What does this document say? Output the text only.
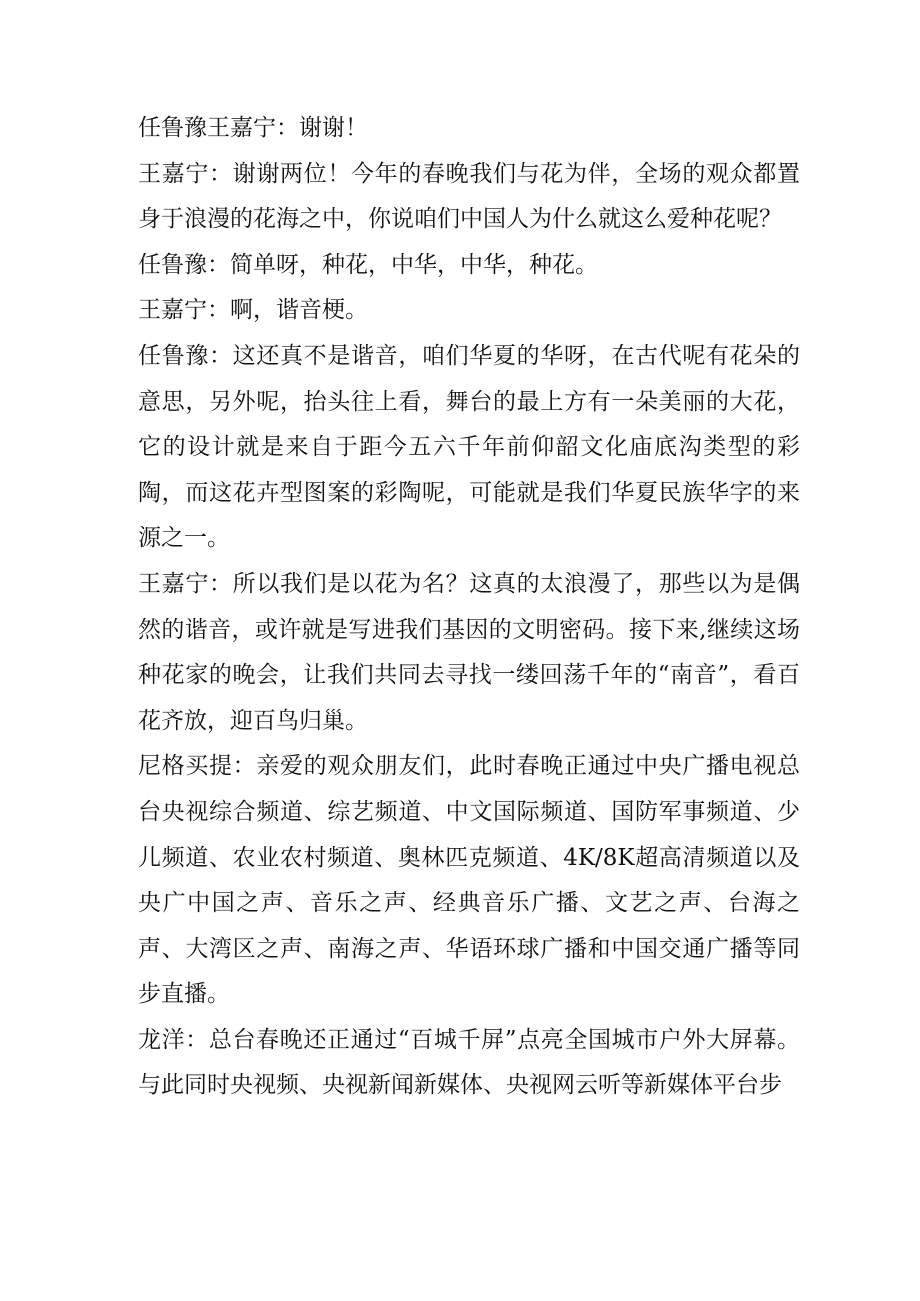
任鲁豫王嘉宁：谢谢！

王嘉宁：谢谢两位！今年的春晚我们与花为伴，全场的观众都置身于浪漫的花海之中，你说咱们中国人为什么就这么爱种花呢？

任鲁豫：简单呀，种花，中华，中华，种花。

王嘉宁：啊，谐音梗。

任鲁豫：这还真不是谐音，咱们华夏的华呀，在古代呢有花朵的意思，另外呢，抬头往上看，舞台的最上方有一朵美丽的大花，它的设计就是来自于距今五六千年前仰韶文化庙底沟类型的彩陶，而这花卉型图案的彩陶呢，可能就是我们华夏民族华字的来源之一。

王嘉宁：所以我们是以花为名？这真的太浪漫了，那些以为是偶然的谐音，或许就是写进我们基因的文明密码。接下来,继续这场种花家的晚会，让我们共同去寻找一缕回荡千年的“南音”，看百花齐放，迎百鸟归巢。

尼格买提：亲爱的观众朋友们，此时春晚正通过中央广播电视总台央视综合频道、综艺频道、中文国际频道、国防军事频道、少儿频道、农业农村频道、奥林匹克频道、4K/8K超高清频道以及央广中国之声、音乐之声、经典音乐广播、文艺之声、台海之声、大湾区之声、南海之声、华语环球广播和中国交通广播等同步直播。

龙洋：总台春晚还正通过“百城千屏”点亮全国城市户外大屏幕。与此同时央视频、央视新闻新媒体、央视网云听等新媒体平台步
